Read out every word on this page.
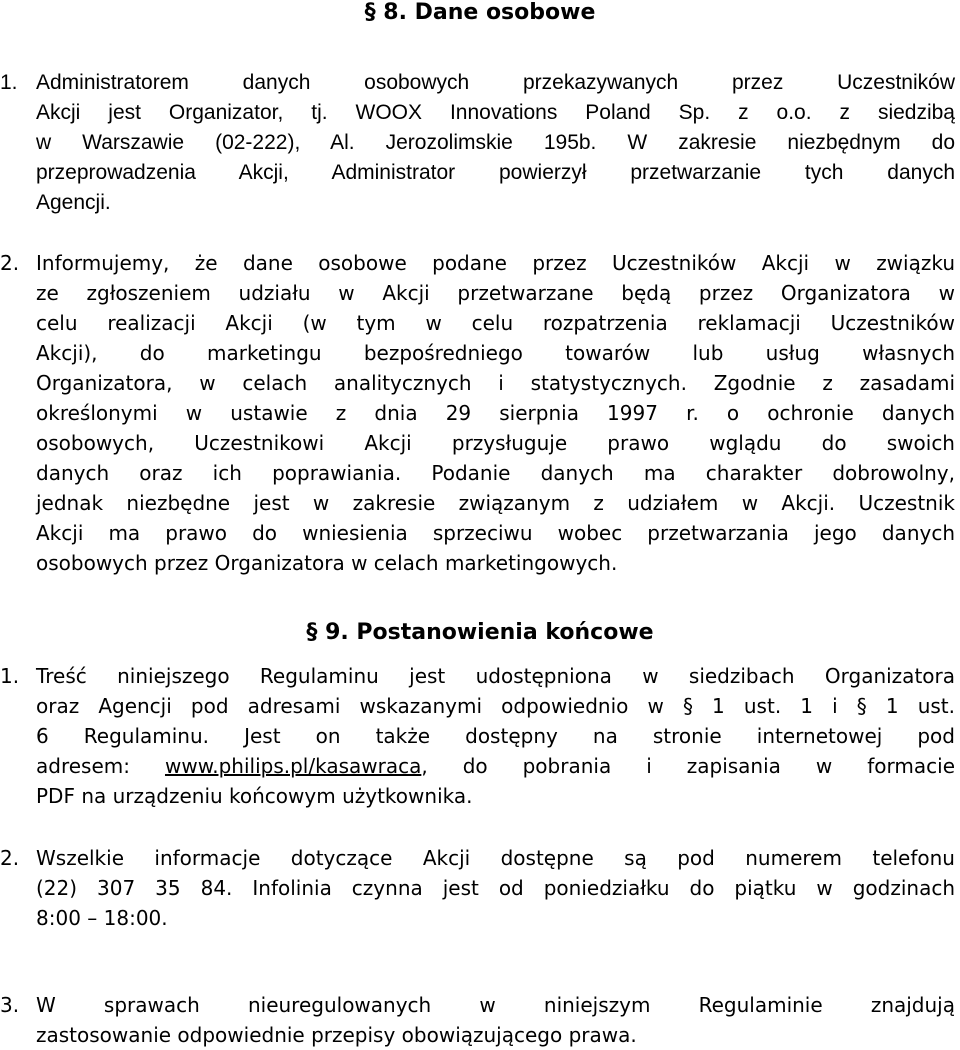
§ 8. Dane osobowe
1. Administratorem danych osobowych przekazywanych przez Uczestników
Akcji jest Organizator, tj. WOOX Innovations Poland Sp. z o.o. z siedzibą
w Warszawie (02-222), Al. Jerozolimskie 195b. W zakresie niezbędnym do
przeprowadzenia Akcji, Administrator powierzył przetwarzanie tych danych
Agencji.
2. Informujemy, że dane osobowe podane przez Uczestników Akcji w związku
ze zgłoszeniem udziału w Akcji przetwarzane będą przez Organizatora w
celu realizacji Akcji (w tym w celu rozpatrzenia reklamacji Uczestników
Akcji), do marketingu bezpośredniego towarów lub usług własnych
Organizatora, w celach analitycznych i statystycznych. Zgodnie z zasadami
określonymi w ustawie z dnia 29 sierpnia 1997 r. o ochronie danych
osobowych, Uczestnikowi Akcji przysługuje prawo wglądu do swoich
danych oraz ich poprawiania. Podanie danych ma charakter dobrowolny,
jednak niezbędne jest w zakresie związanym z udziałem w Akcji. Uczestnik
Akcji ma prawo do wniesienia sprzeciwu wobec przetwarzania jego danych
osobowych przez Organizatora w celach marketingowych.
§ 9. Postanowienia końcowe
1. Treść niniejszego Regulaminu jest udostępniona w siedzibach Organizatora
oraz Agencji pod adresami wskazanymi odpowiednio w § 1 ust. 1 i § 1 ust.
6 Regulaminu. Jest on także dostępny na stronie internetowej pod
adresem: www.philips.pl/kasawraca, do pobrania i zapisania w formacie
PDF na urządzeniu końcowym użytkownika.
2. Wszelkie informacje dotyczące Akcji dostępne są pod numerem telefonu
(22) 307 35 84. Infolinia czynna jest od poniedziałku do piątku w godzinach
8:00 – 18:00.
3. W sprawach nieuregulowanych w niniejszym Regulaminie znajdują
zastosowanie odpowiednie przepisy obowiązującego prawa.
